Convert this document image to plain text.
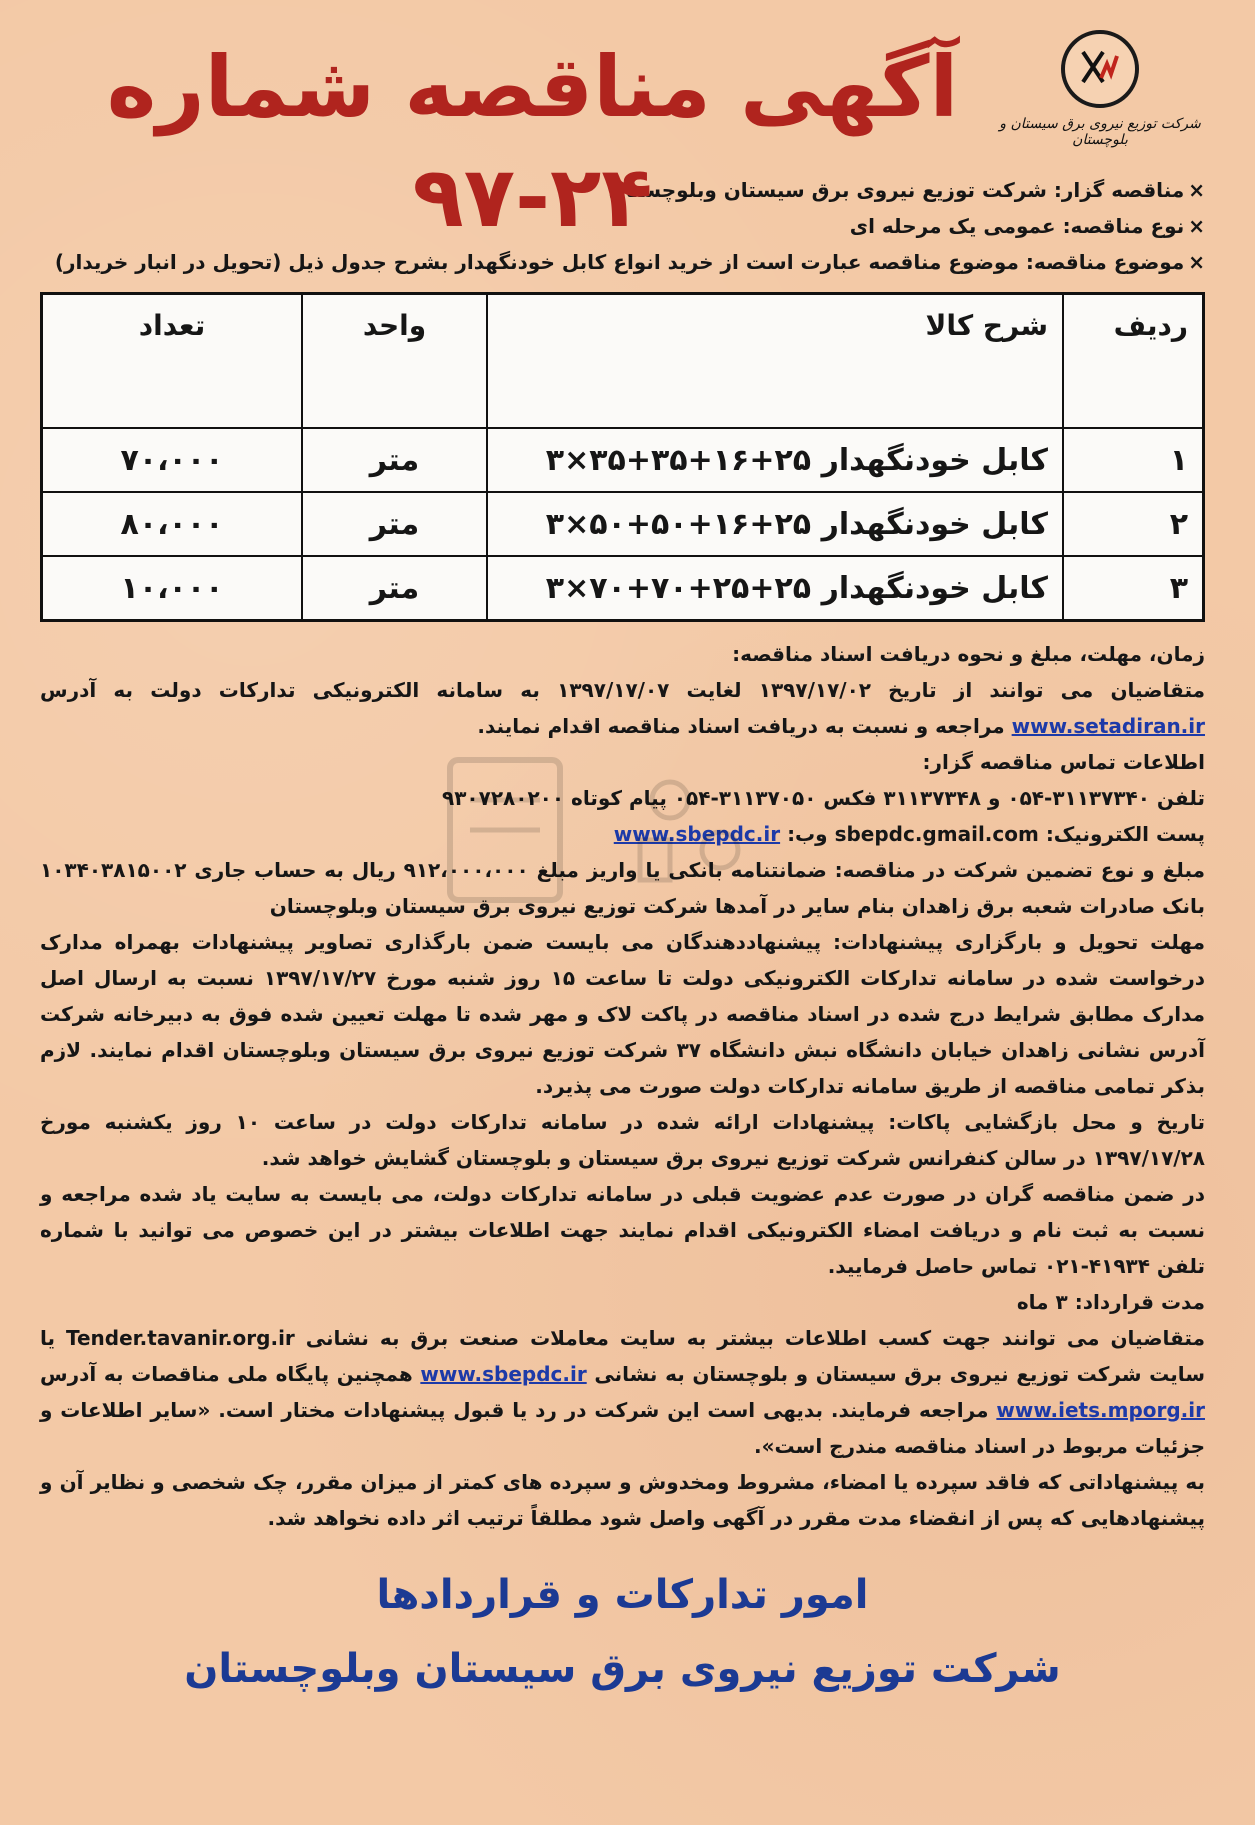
شرکت توزیع نیروی برق سیستان و بلوچستان
آگهی مناقصه شماره ۲۴-۹۷	×مناقصه گزار: شرکت توزیع نیروی برق سیستان وبلوچستان
×نوع مناقصه: عمومی یک مرحله ای
×موضوع مناقصه: موضوع مناقصه عبارت است از خرید انواع کابل خودنگهدار بشرح جدول ذیل (تحویل در انبار خریدار)
ردیف	شرح کالا	واحد	تعداد
۱	کابل خودنگهدار ۲۵+۱۶+۳۵+۳۵×۳	متر	۷۰،۰۰۰
۲	کابل خودنگهدار ۲۵+۱۶+۵۰+۵۰×۳	متر	۸۰،۰۰۰
۳	کابل خودنگهدار ۲۵+۲۵+۷۰+۷۰×۳	متر	۱۰،۰۰۰

زمان، مهلت، مبلغ و نحوه دریافت اسناد مناقصه:

متقاضیان می توانند از تاریخ ۱۳۹۷/۱۷/۰۲ لغایت ۱۳۹۷/۱۷/۰۷ به سامانه الکترونیکی تدارکات دولت به آدرس www.setadiran.ir مراجعه و نسبت به دریافت اسناد مناقصه اقدام نمایند.

اطلاعات تماس مناقصه گزار:

تلفن ۳۱۱۳۷۳۴۰-۰۵۴ و ۳۱۱۳۷۳۴۸ فکس ۳۱۱۳۷۰۵۰-۰۵۴ پیام کوتاه ۹۳۰۷۲۸۰۲۰۰

پست الکترونیک: sbepdc.gmail.com وب: www.sbepdc.ir

مبلغ و نوع تضمین شرکت در مناقصه: ضمانتنامه بانکی یا واریز مبلغ ۹۱۲،۰۰۰،۰۰۰ ریال به حساب جاری ۱۰۳۴۰۳۸۱۵۰۰۲ بانک صادرات شعبه برق زاهدان بنام سایر در آمدها شرکت توزیع نیروی برق سیستان وبلوچستان

مهلت تحویل و بارگزاری پیشنهادات: پیشنهاددهندگان می بایست ضمن بارگذاری تصاویر پیشنهادات بهمراه مدارک درخواست شده در سامانه تدارکات الکترونیکی دولت تا ساعت ۱۵ روز شنبه مورخ ۱۳۹۷/۱۷/۲۷ نسبت به ارسال اصل مدارک مطابق شرایط درج شده در اسناد مناقصه در پاکت لاک و مهر شده تا مهلت تعیین شده فوق به دبیرخانه شرکت آدرس نشانی زاهدان خیابان دانشگاه نبش دانشگاه ۳۷ شرکت توزیع نیروی برق سیستان وبلوچستان اقدام نمایند. لازم بذکر تمامی مناقصه از طریق سامانه تدارکات دولت صورت می پذیرد.

تاریخ و محل بازگشایی پاکات: پیشنهادات ارائه شده در سامانه تدارکات دولت در ساعت ۱۰ روز یکشنبه مورخ ۱۳۹۷/۱۷/۲۸ در سالن کنفرانس شرکت توزیع نیروی برق سیستان و بلوچستان گشایش خواهد شد.

در ضمن مناقصه گران در صورت عدم عضویت قبلی در سامانه تدارکات دولت، می بایست به سایت یاد شده مراجعه و نسبت به ثبت نام و دریافت امضاء الکترونیکی اقدام نمایند جهت اطلاعات بیشتر در این خصوص می توانید با شماره تلفن ۴۱۹۳۴-۰۲۱ تماس حاصل فرمایید.

مدت قرارداد: ۳ ماه

متقاضیان می توانند جهت کسب اطلاعات بیشتر به سایت معاملات صنعت برق به نشانی Tender.tavanir.org.ir یا سایت شرکت توزیع نیروی برق سیستان و بلوچستان به نشانی www.sbepdc.ir همچنین پایگاه ملی مناقصات به آدرس www.iets.mporg.ir مراجعه فرمایند. بدیهی است این شرکت در رد یا قبول پیشنهادات مختار است. «سایر اطلاعات و جزئیات مربوط در اسناد مناقصه مندرج است».

به پیشنهاداتی که فاقد سپرده یا امضاء، مشروط ومخدوش و سپرده های کمتر از میزان مقرر، چک شخصی و نظایر آن و پیشنهادهایی که پس از انقضاء مدت مقرر در آگهی واصل شود مطلقاً ترتیب اثر داده نخواهد شد.

امور تدارکات و قراردادها
شرکت توزیع نیروی برق سیستان وبلوچستان
